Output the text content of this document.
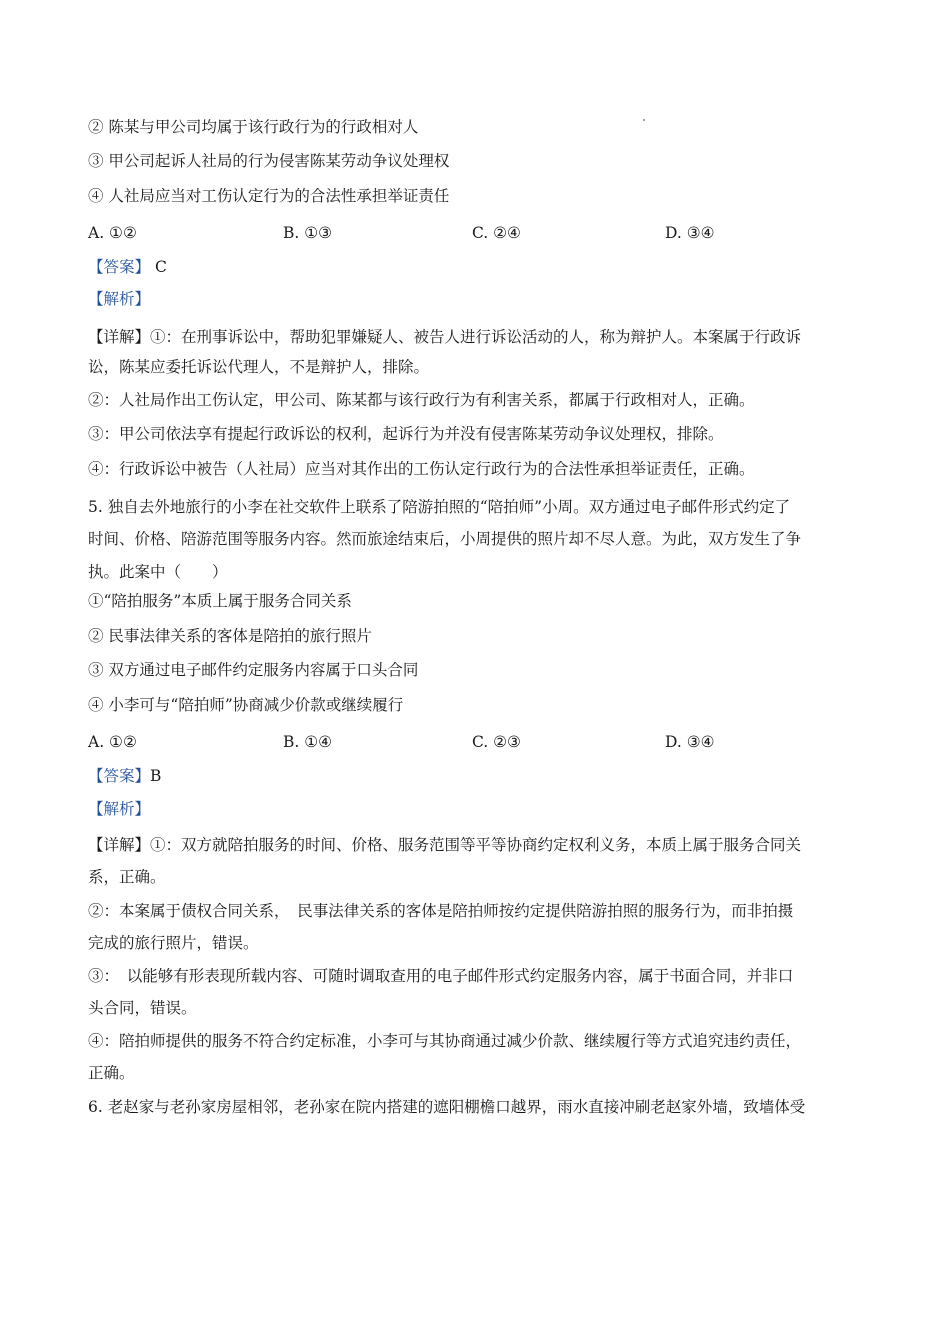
② 陈某与甲公司均属于该行政行为的行政相对人
③ 甲公司起诉人社局的行为侵害陈某劳动争议处理权
④ 人社局应当对工伤认定行为的合法性承担举证责任
A. ①②	B. ①③	C. ②④	D. ③④
【答案】 C
【解析】
【详解】①：在刑事诉讼中，帮助犯罪嫌疑人、被告人进行诉讼活动的人，称为辩护人。本案属于行政诉
讼，陈某应委托诉讼代理人，不是辩护人，排除。
②：人社局作出工伤认定，甲公司、陈某都与该行政行为有利害关系，都属于行政相对人，正确。
③：甲公司依法享有提起行政诉讼的权利，起诉行为并没有侵害陈某劳动争议处理权，排除。
④：行政诉讼中被告（人社局）应当对其作出的工伤认定行政行为的合法性承担举证责任，正确。
5. 独自去外地旅行的小李在社交软件上联系了陪游拍照的“陪拍师”小周。双方通过电子邮件形式约定了
时间、价格、陪游范围等服务内容。然而旅途结束后，小周提供的照片却不尽人意。为此，双方发生了争
执。此案中（　　）
①“陪拍服务”本质上属于服务合同关系
② 民事法律关系的客体是陪拍的旅行照片
③ 双方通过电子邮件约定服务内容属于口头合同
④ 小李可与“陪拍师”协商减少价款或继续履行
A. ①②	B. ①④	C. ②③	D. ③④
【答案】B
【解析】
【详解】①：双方就陪拍服务的时间、价格、服务范围等平等协商约定权利义务，本质上属于服务合同关
系，正确。
②：本案属于债权合同关系，　民事法律关系的客体是陪拍师按约定提供陪游拍照的服务行为，而非拍摄
完成的旅行照片，错误。
③：　以能够有形表现所载内容、可随时调取查用的电子邮件形式约定服务内容，属于书面合同，并非口
头合同，错误。
④：陪拍师提供的服务不符合约定标准，小李可与其协商通过减少价款、继续履行等方式追究违约责任，
正确。
6. 老赵家与老孙家房屋相邻，老孙家在院内搭建的遮阳棚檐口越界，雨水直接冲刷老赵家外墙，致墙体受
